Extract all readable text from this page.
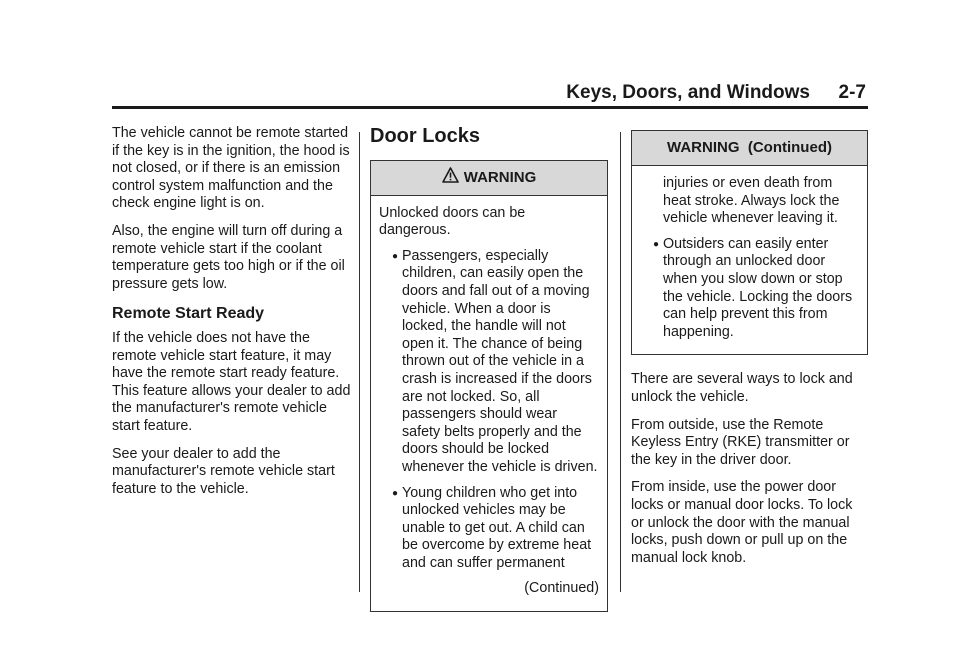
Keys, Doors, and Windows	2-7

The vehicle cannot be remote started if the key is in the ignition, the hood is not closed, or if there is an emission control system malfunction and the check engine light is on.

Also, the engine will turn off during a remote vehicle start if the coolant temperature gets too high or if the oil pressure gets low.

Remote Start Ready

If the vehicle does not have the remote vehicle start feature, it may have the remote start ready feature. This feature allows your dealer to add the manufacturer's remote vehicle start feature.

See your dealer to add the manufacturer's remote vehicle start feature to the vehicle.

Door Locks
WARNING

Unlocked doors can be dangerous.

● Passengers, especially children, can easily open the doors and fall out of a moving vehicle. When a door is locked, the handle will not open it. The chance of being thrown out of the vehicle in a crash is increased if the doors are not locked. So, all passengers should wear safety belts properly and the doors should be locked whenever the vehicle is driven.
● Young children who get into unlocked vehicles may be unable to get out. A child can be overcome by extreme heat and can suffer permanent

(Continued)

WARNING  (Continued)

injuries or even death from heat stroke. Always lock the vehicle whenever leaving it.

● Outsiders can easily enter through an unlocked door when you slow down or stop the vehicle. Locking the doors can help prevent this from happening.

There are several ways to lock and unlock the vehicle.

From outside, use the Remote Keyless Entry (RKE) transmitter or the key in the driver door.

From inside, use the power door locks or manual door locks. To lock or unlock the door with the manual locks, push down or pull up on the manual lock knob.
